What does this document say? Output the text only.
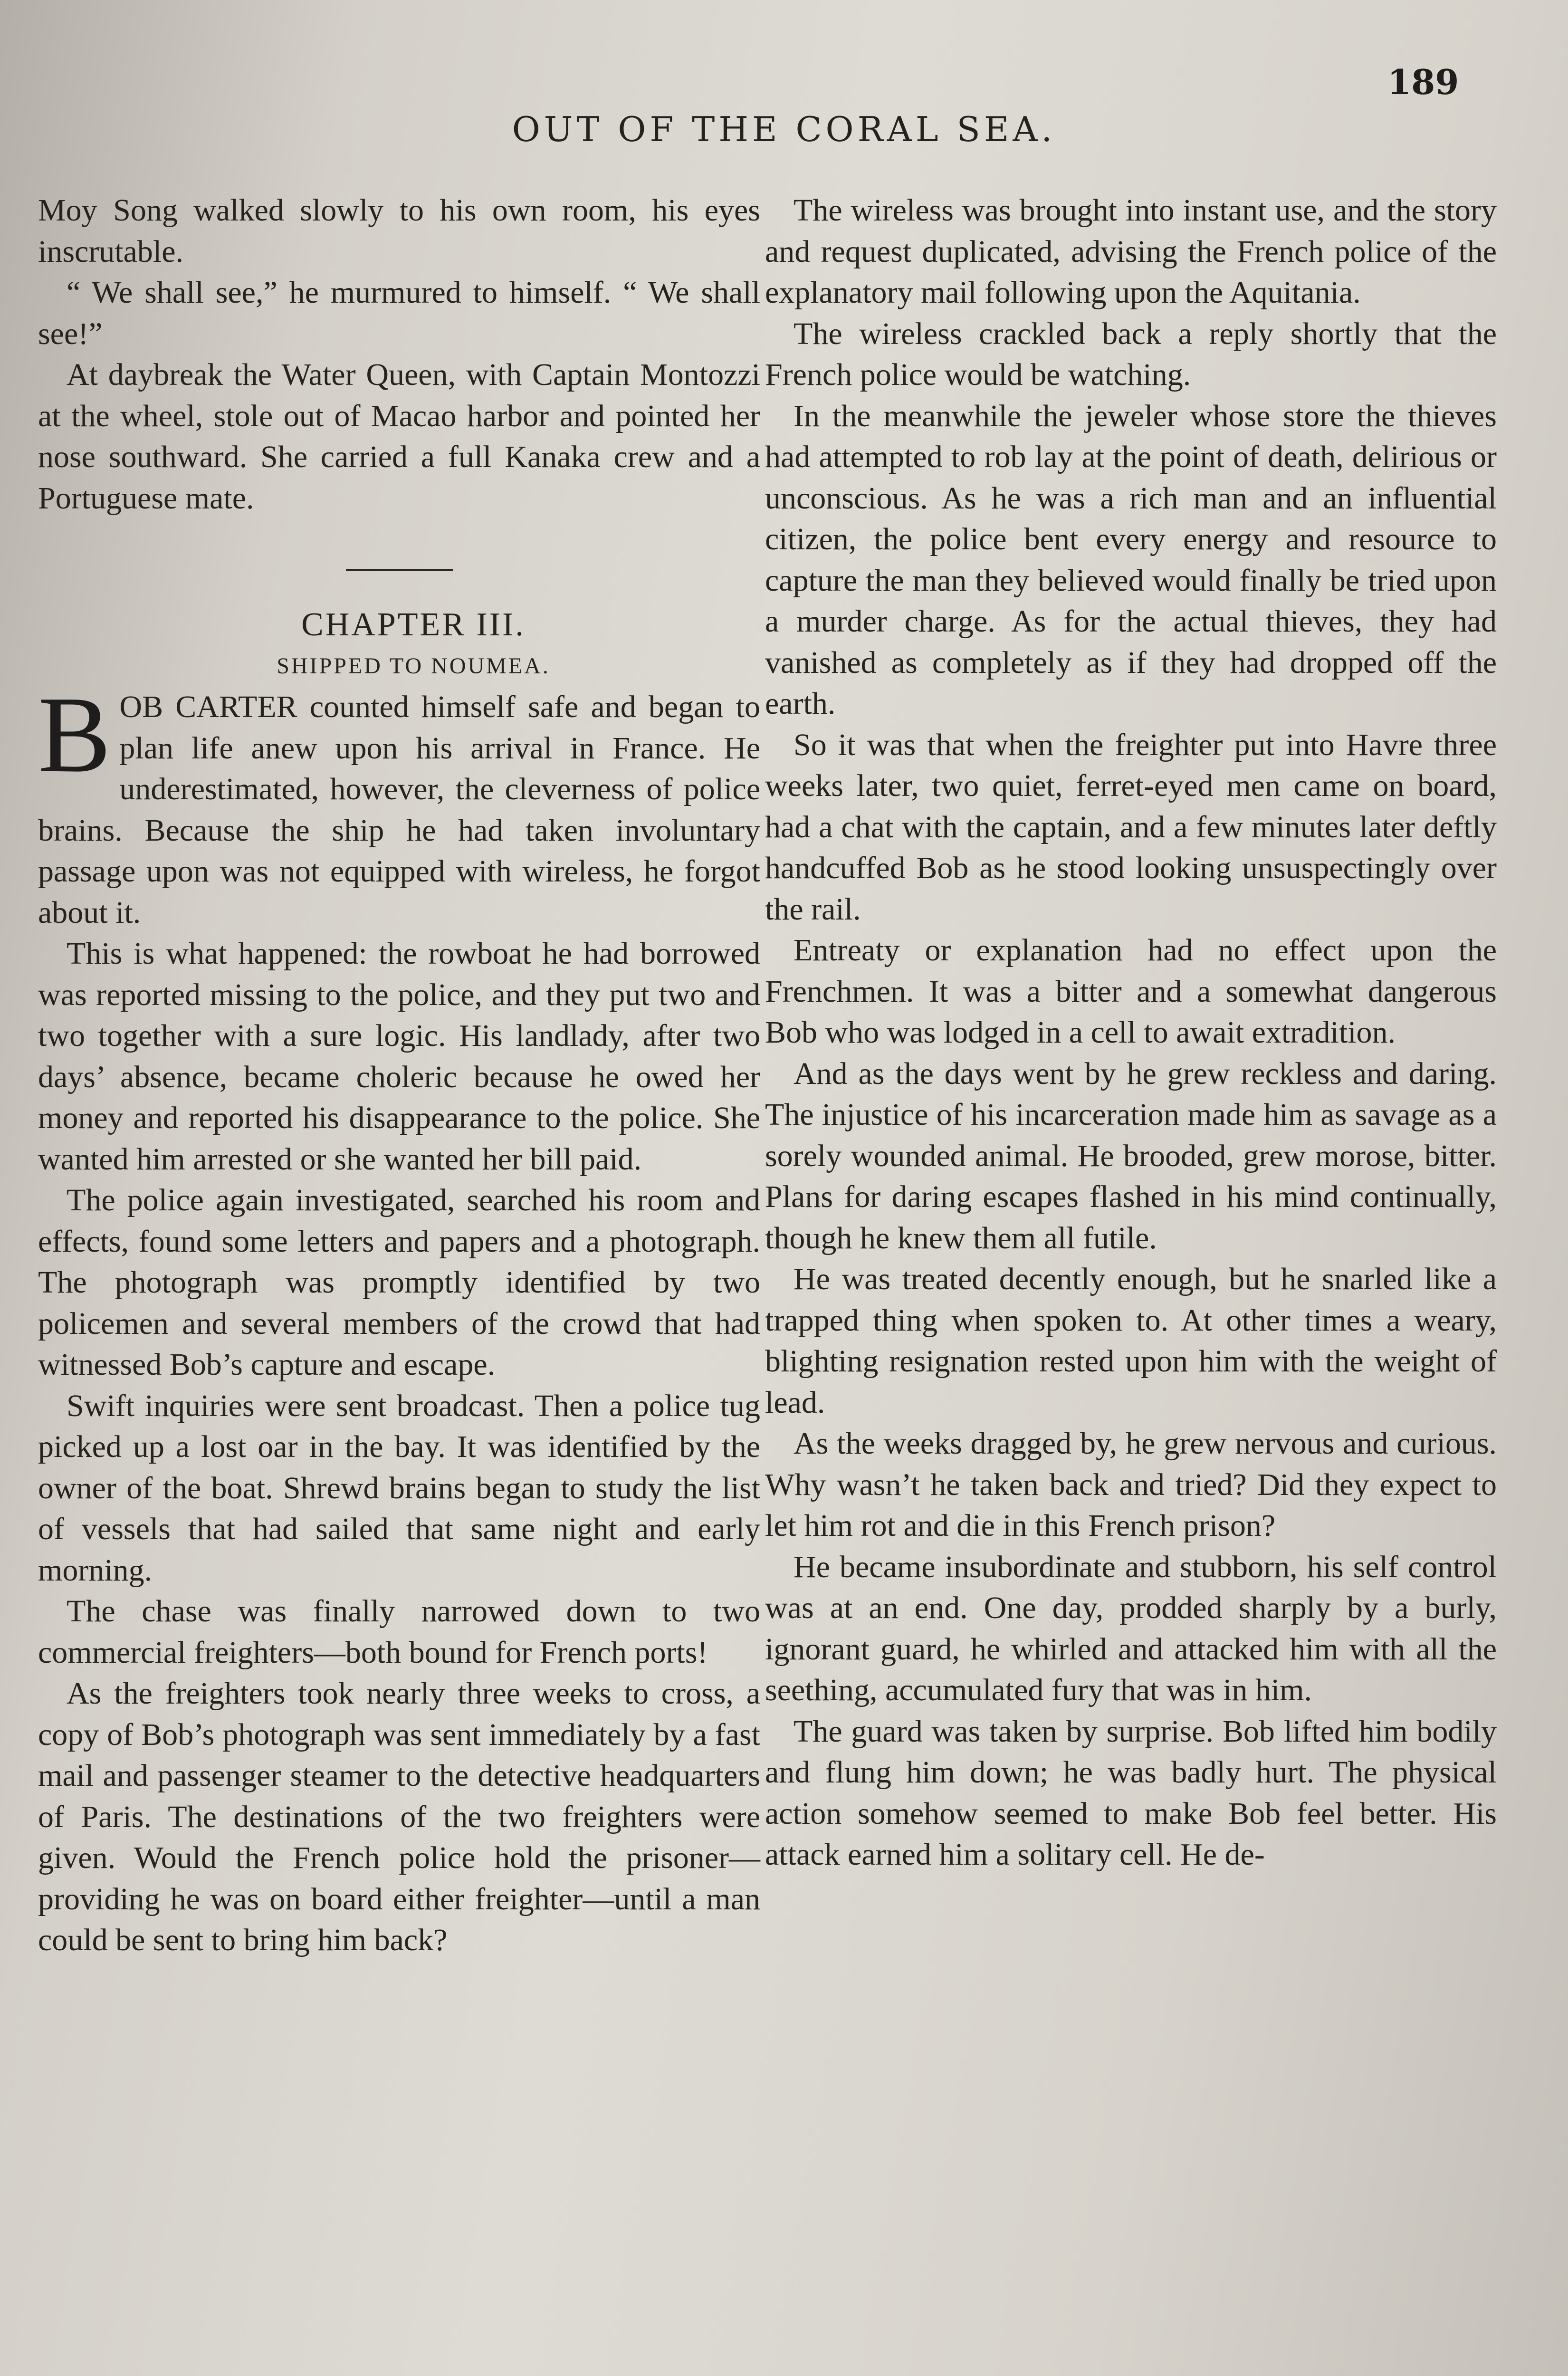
189
OUT OF THE CORAL SEA.

Moy Song walked slowly to his own room, his eyes inscrutable.

“ We shall see,” he murmured to himself. “ We shall see!”

At daybreak the Water Queen, with Captain Montozzi at the wheel, stole out of Macao harbor and pointed her nose southward. She carried a full Kanaka crew and a Portuguese mate.

CHAPTER III.

SHIPPED TO NOUMEA.

BOB CARTER counted himself safe and began to plan life anew upon his arrival in France. He underestimated, however, the cleverness of police brains. Because the ship he had taken involuntary passage upon was not equipped with wireless, he forgot about it.

This is what happened: the rowboat he had borrowed was reported missing to the police, and they put two and two together with a sure logic. His landlady, after two days’ absence, became choleric because he owed her money and reported his disappearance to the police. She wanted him arrested or she wanted her bill paid.

The police again investigated, searched his room and effects, found some letters and papers and a photograph. The photograph was promptly identified by two policemen and several members of the crowd that had witnessed Bob’s capture and escape.

Swift inquiries were sent broadcast. Then a police tug picked up a lost oar in the bay. It was identified by the owner of the boat. Shrewd brains began to study the list of vessels that had sailed that same night and early morning.

The chase was finally narrowed down to two commercial freighters—both bound for French ports!

As the freighters took nearly three weeks to cross, a copy of Bob’s photograph was sent immediately by a fast mail and passenger steamer to the detective headquarters of Paris. The destinations of the two freighters were given. Would the French police hold the prisoner—providing he was on board either freighter—until a man could be sent to bring him back?

The wireless was brought into instant use, and the story and request duplicated, advising the French police of the explanatory mail following upon the Aquitania.

The wireless crackled back a reply shortly that the French police would be watching.

In the meanwhile the jeweler whose store the thieves had attempted to rob lay at the point of death, delirious or unconscious. As he was a rich man and an influential citizen, the police bent every energy and resource to capture the man they believed would finally be tried upon a murder charge. As for the actual thieves, they had vanished as completely as if they had dropped off the earth.

So it was that when the freighter put into Havre three weeks later, two quiet, ferret-eyed men came on board, had a chat with the captain, and a few minutes later deftly handcuffed Bob as he stood looking unsuspectingly over the rail.

Entreaty or explanation had no effect upon the Frenchmen. It was a bitter and a somewhat dangerous Bob who was lodged in a cell to await extradition.

And as the days went by he grew reckless and daring. The injustice of his incarceration made him as savage as a sorely wounded animal. He brooded, grew morose, bitter. Plans for daring escapes flashed in his mind continually, though he knew them all futile.

He was treated decently enough, but he snarled like a trapped thing when spoken to. At other times a weary, blighting resignation rested upon him with the weight of lead.

As the weeks dragged by, he grew nervous and curious. Why wasn’t he taken back and tried? Did they expect to let him rot and die in this French prison?

He became insubordinate and stubborn, his self control was at an end. One day, prodded sharply by a burly, ignorant guard, he whirled and attacked him with all the seething, accumulated fury that was in him.

The guard was taken by surprise. Bob lifted him bodily and flung him down; he was badly hurt. The physical action somehow seemed to make Bob feel better. His attack earned him a solitary cell. He de-
